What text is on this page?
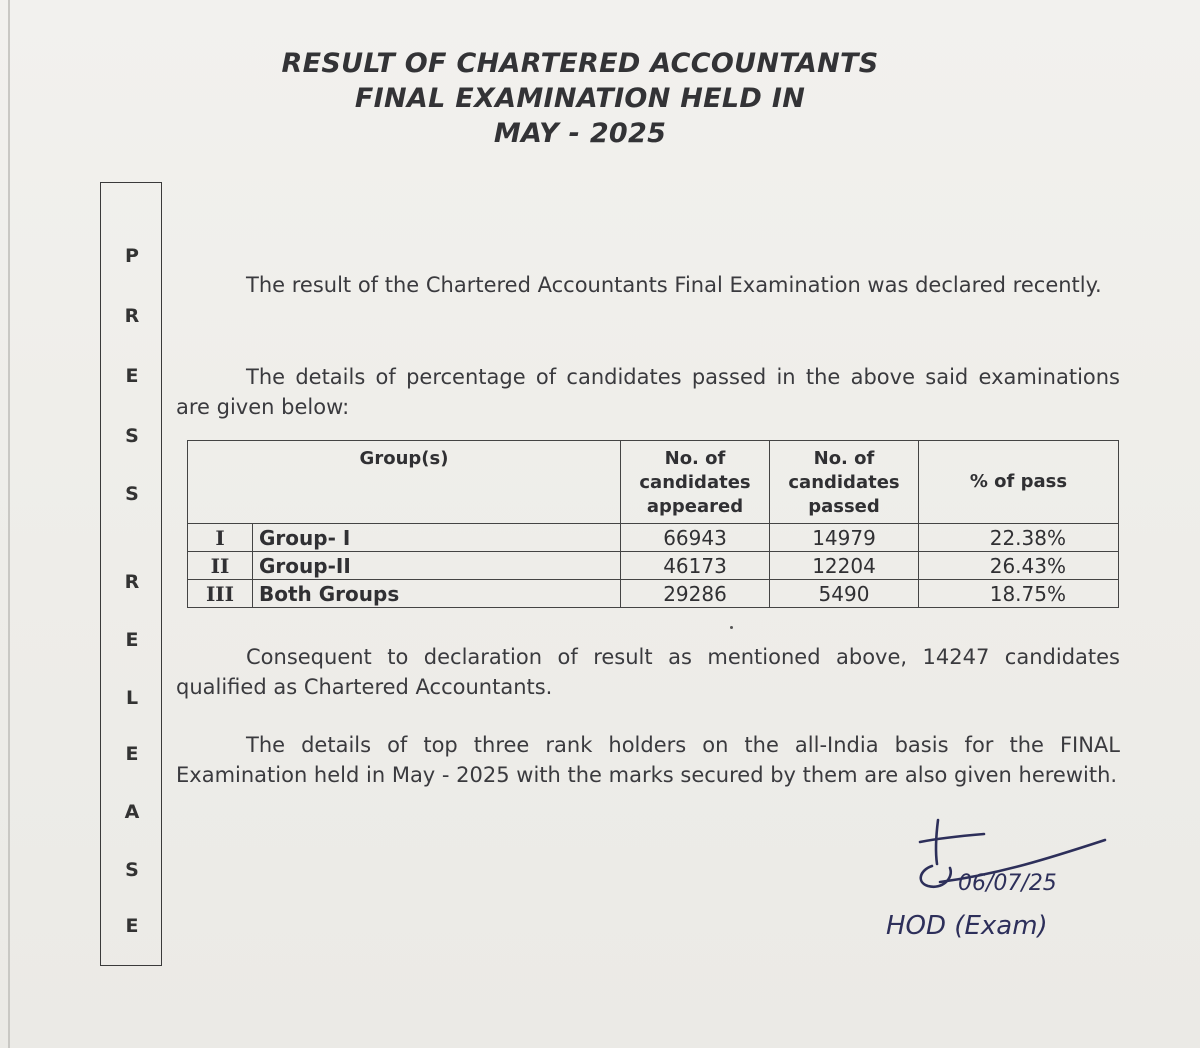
RESULT OF CHARTERED ACCOUNTANTS
FINAL EXAMINATION HELD IN
MAY - 2025
P
R
E
S
S
R
E
L
E
A
S
E
The result of the Chartered Accountants Final Examination was declared recently.
The details of percentage of candidates passed in the above said examinations are given below:
Group(s)		No. of candidates appeared	No. of candidates passed	% of pass
I	Group- I	66943	14979	22.38%
II	Group-II	46173	12204	26.43%
III	Both Groups	29286	5490	18.75%
Consequent to declaration of result as mentioned above, 14247 candidates qualified as Chartered Accountants.
The details of top three rank holders on the all-India basis for the FINAL Examination held in May - 2025 with the marks secured by them are also given herewith.
06/07/25
HOD (Exam)
